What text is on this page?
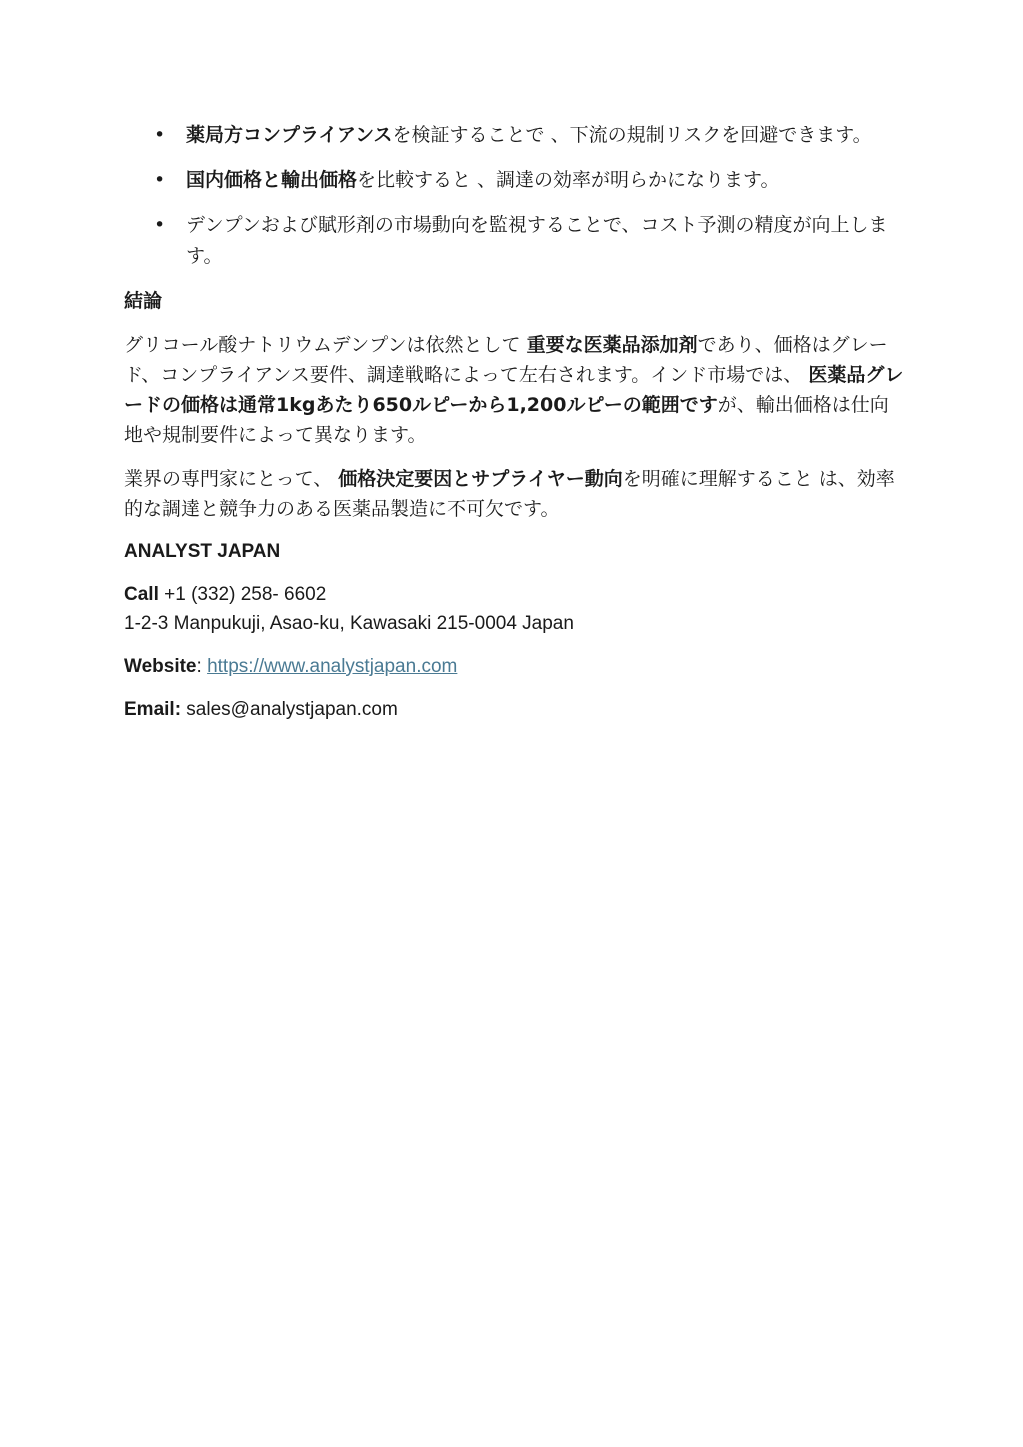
• 薬局方コンプライアンスを検証することで 、下流の規制リスクを回避できます。
• 国内価格と輸出価格を比較すると 、調達の効率が明らかになります。
• デンプンおよび賦形剤の市場動向を監視することで、コスト予測の精度が向上します。
結論

グリコール酸ナトリウムデンプンは依然として 重要な医薬品添加剤であり、価格はグレード、コンプライアンス要件、調達戦略によって左右されます。インド市場では、 医薬品グレードの価格は通常1kgあたり650ルピーから1,200ルピーの範囲ですが、輸出価格は仕向地や規制要件によって異なります。

業界の専門家にとって、 価格決定要因とサプライヤー動向を明確に理解すること は、効率的な調達と競争力のある医薬品製造に不可欠です。

ANALYST JAPAN
Call +1 (332) 258- 6602
1-2-3 Manpukuji, Asao-ku, Kawasaki 215-0004 Japan
Website: https://www.analystjapan.com
Email: sales@analystjapan.com
